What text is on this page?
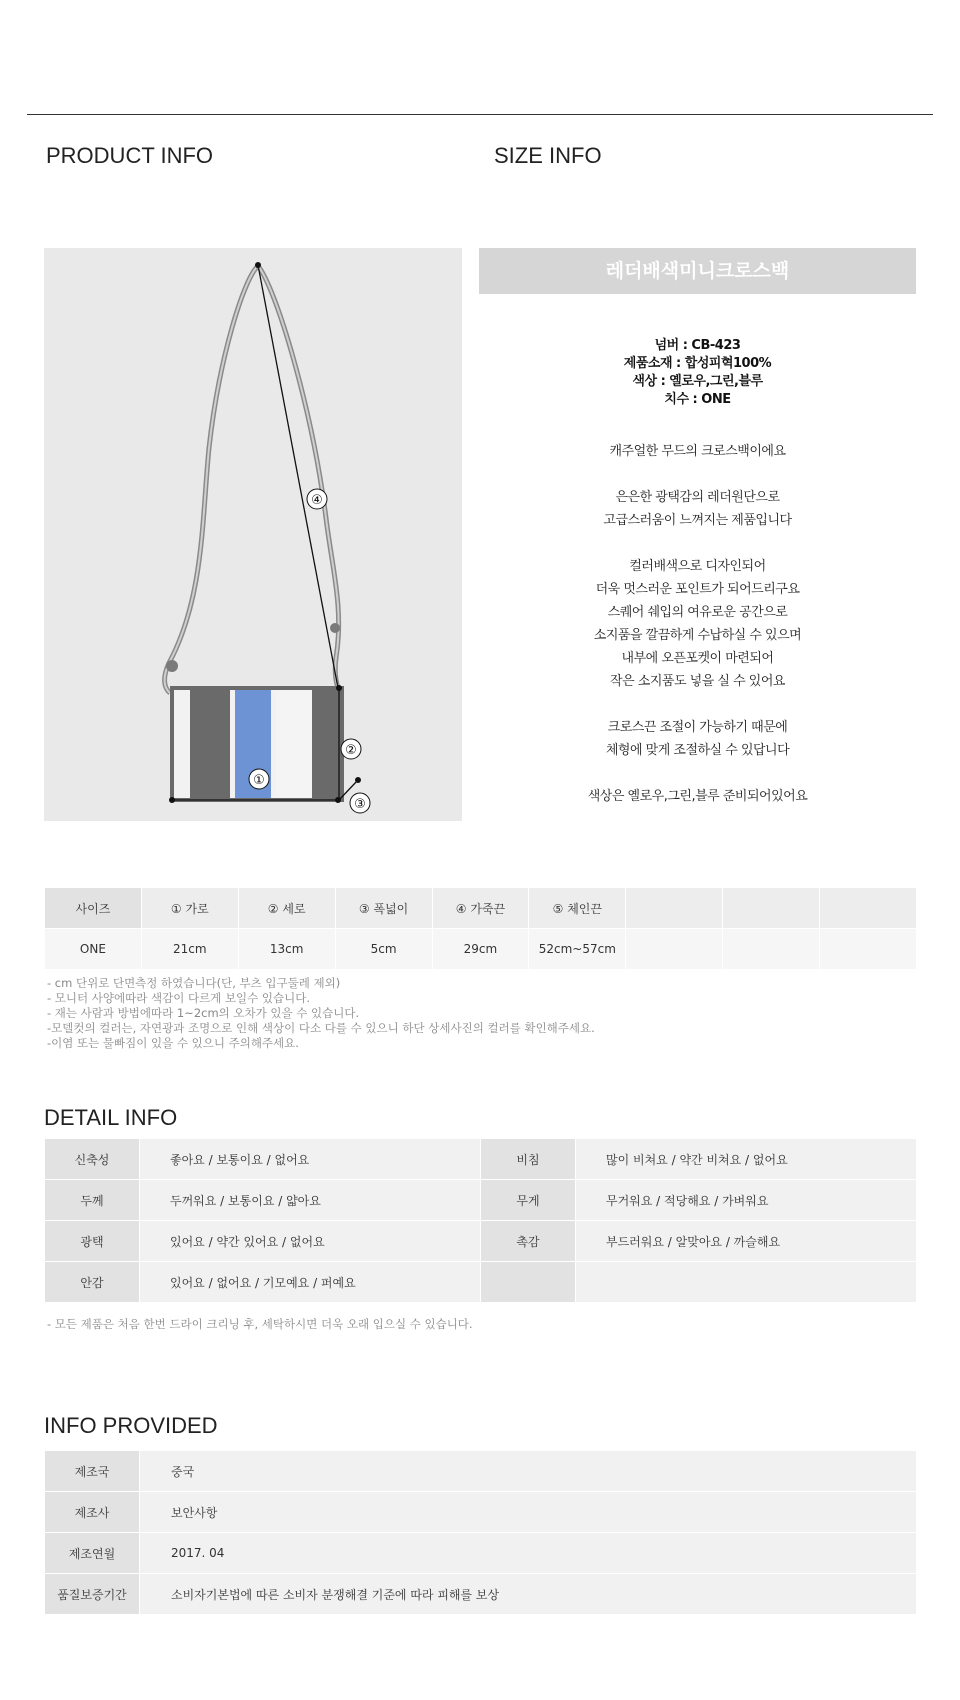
PRODUCT INFO	SIZE INFO
④
②
①
③
레더배색미니크로스백
넘버 : CB-423
제품소재 : 합성피혁100%
색상 : 옐로우,그린,블루
치수 : ONE
캐주얼한 무드의 크로스백이에요
은은한 광택감의 레더원단으로
고급스러움이 느껴지는 제품입니다
컬러배색으로 디자인되어
더욱 멋스러운 포인트가 되어드리구요
스퀘어 쉐입의 여유로운 공간으로
소지품을 깔끔하게 수납하실 수 있으며
내부에 오픈포켓이 마련되어
작은 소지품도 넣을 실 수 있어요
크로스끈 조절이 가능하기 때문에
체형에 맞게 조절하실 수 있답니다
색상은 옐로우,그린,블루 준비되어있어요
사이즈	① 가로	② 세로	③ 폭넓이	④ 가죽끈	⑤ 체인끈			
ONE	21cm	13cm	5cm	29cm	52cm~57cm			
- cm 단위로 단면측정 하였습니다(단, 부츠 입구둘레 제외)
- 모니터 사양에따라 색감이 다르게 보일수 있습니다.
- 재는 사람과 방법에따라 1~2cm의 오차가 있을 수 있습니다.
-모델컷의 컬러는, 자연광과 조명으로 인해 색상이 다소 다를 수 있으니 하단 상세사진의 컬러를 확인해주세요.
-이염 또는 물빠짐이 있을 수 있으니 주의해주세요.
DETAIL INFO
신축성	좋아요 / 보통이요 / 없어요	비침	많이 비쳐요 / 약간 비쳐요 / 없어요
두께	두꺼워요 / 보통이요 / 얇아요	무게	무거워요 / 적당해요 / 가벼워요
광택	있어요 / 약간 있어요 / 없어요	촉감	부드러워요 / 알맞아요 / 까슬해요
안감	있어요 / 없어요 / 기모예요 / 퍼예요		
- 모든 제품은 처음 한번 드라이 크리닝 후, 세탁하시면 더욱 오래 입으실 수 있습니다.
INFO PROVIDED
제조국	중국
제조사	보안사항
제조연월	2017. 04
품질보증기간	소비자기본법에 따른 소비자 분쟁해결 기준에 따라 피해를 보상
